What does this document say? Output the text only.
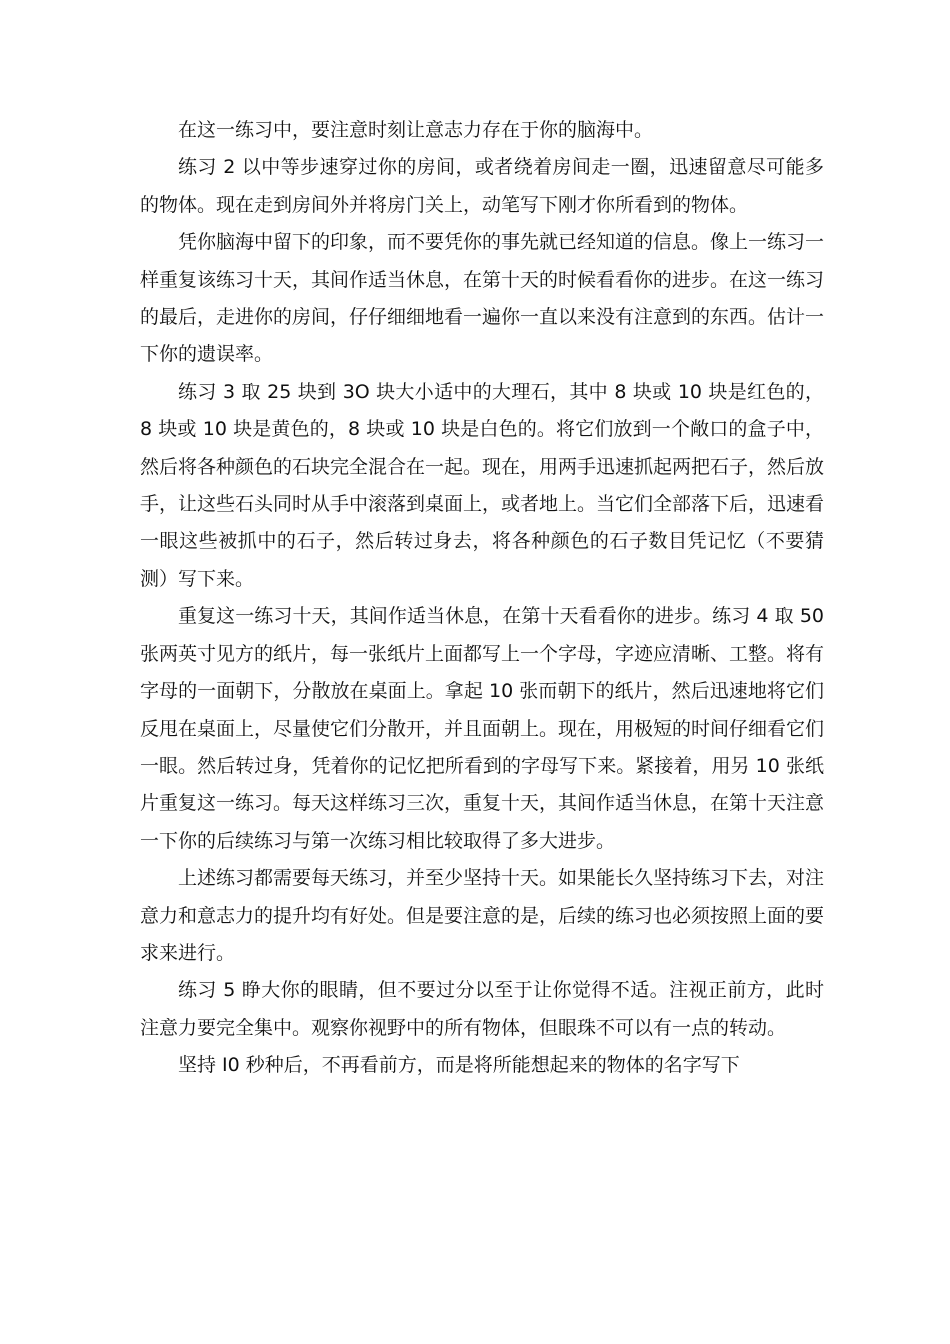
在这一练习中，要注意时刻让意志力存在于你的脑海中。

练习 2 以中等步速穿过你的房间，或者绕着房间走一圈，迅速留意尽可能多的物体。现在走到房间外并将房门关上，动笔写下刚才你所看到的物体。

凭你脑海中留下的印象，而不要凭你的事先就已经知道的信息。像上一练习一样重复该练习十天，其间作适当休息，在第十天的时候看看你的进步。在这一练习的最后，走进你的房间，仔仔细细地看一遍你一直以来没有注意到的东西。估计一下你的遗误率。

练习 3 取 25 块到 3O 块大小适中的大理石，其中 8 块或 10 块是红色的，8 块或 10 块是黄色的，8 块或 10 块是白色的。将它们放到一个敞口的盒子中，然后将各种颜色的石块完全混合在一起。现在，用两手迅速抓起两把石子，然后放手，让这些石头同时从手中滚落到桌面上，或者地上。当它们全部落下后，迅速看一眼这些被抓中的石子，然后转过身去，将各种颜色的石子数目凭记忆（不要猜测）写下来。

重复这一练习十天，其间作适当休息，在第十天看看你的进步。练习 4 取 50 张两英寸见方的纸片，每一张纸片上面都写上一个字母，字迹应清晰、工整。将有字母的一面朝下，分散放在桌面上。拿起 10 张而朝下的纸片，然后迅速地将它们反甩在桌面上，尽量使它们分散开，并且面朝上。现在，用极短的时间仔细看它们一眼。然后转过身，凭着你的记忆把所看到的字母写下来。紧接着，用另 10 张纸片重复这一练习。每天这样练习三次，重复十天，其间作适当休息，在第十天注意一下你的后续练习与第一次练习相比较取得了多大进步。

上述练习都需要每天练习，并至少坚持十天。如果能长久坚持练习下去，对注意力和意志力的提升均有好处。但是要注意的是，后续的练习也必须按照上面的要求来进行。

练习 5 睁大你的眼睛，但不要过分以至于让你觉得不适。注视正前方，此时注意力要完全集中。观察你视野中的所有物体，但眼珠不可以有一点的转动。

坚持 I0 秒种后，不再看前方，而是将所能想起来的物体的名字写下
